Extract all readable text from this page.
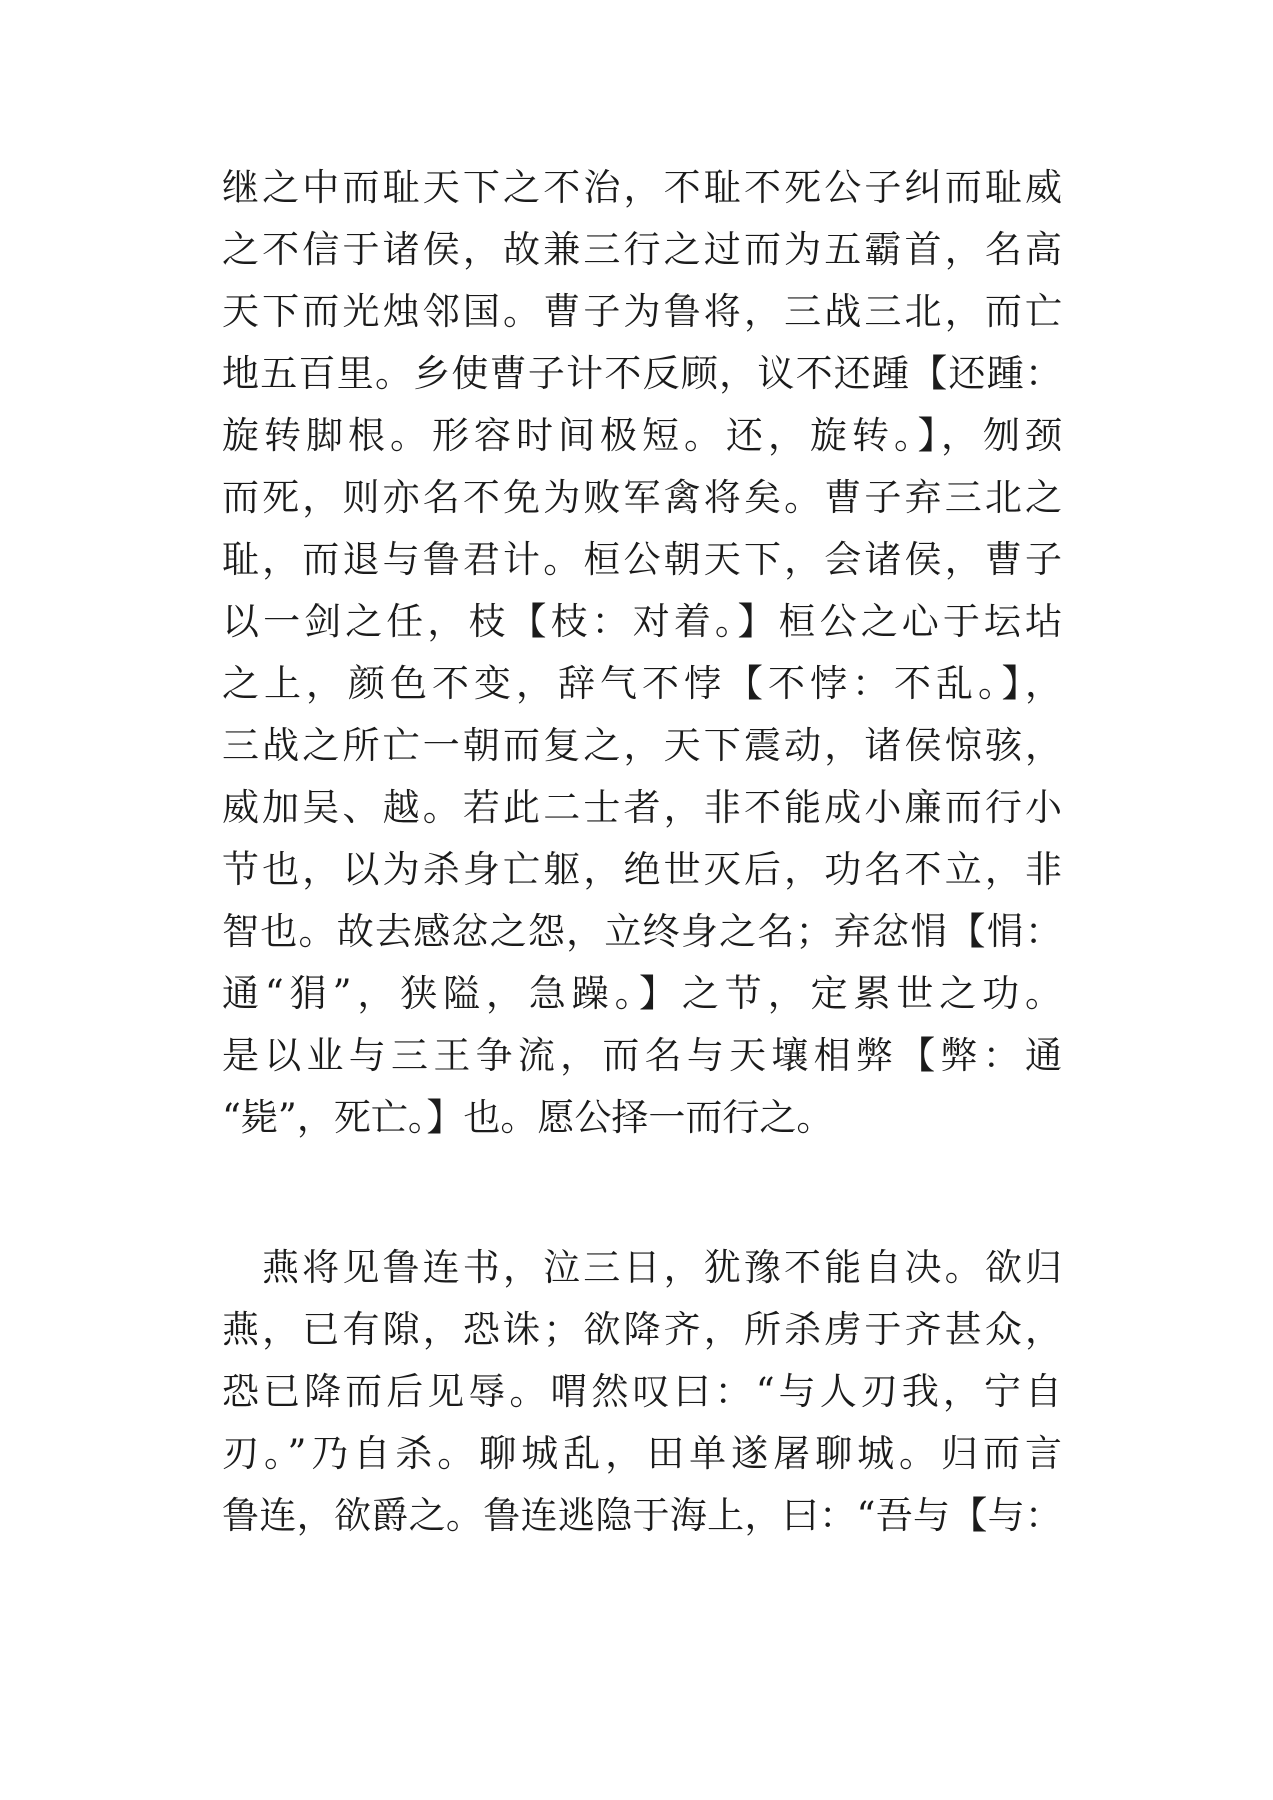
继之中而耻天下之不治，不耻不死公子纠而耻威
之不信于诸侯，故兼三行之过而为五霸首，名高
天下而光烛邻国。曹子为鲁将，三战三北，而亡
地五百里。乡使曹子计不反顾，议不还踵【还踵：
旋转脚根。形容时间极短。还，旋转。】，刎颈
而死，则亦名不免为败军禽将矣。曹子弃三北之
耻，而退与鲁君计。桓公朝天下，会诸侯，曹子
以一剑之任，枝【枝：对着。】桓公之心于坛坫
之上，颜色不变，辞气不悖【不悖：不乱。】，
三战之所亡一朝而复之，天下震动，诸侯惊骇，
威加吴、越。若此二士者，非不能成小廉而行小
节也，以为杀身亡躯，绝世灭后，功名不立，非
智也。故去感忿之怨，立终身之名；弃忿悁【悁：
通“狷”，狭隘，急躁。】之节，定累世之功。
是以业与三王争流，而名与天壤相弊【弊：通
“毙”，死亡。】也。愿公择一而行之。
燕将见鲁连书，泣三日，犹豫不能自决。欲归
燕，已有隙，恐诛；欲降齐，所杀虏于齐甚众，
恐已降而后见辱。喟然叹曰：“与人刃我，宁自
刃。”乃自杀。聊城乱，田单遂屠聊城。归而言
鲁连，欲爵之。鲁连逃隐于海上，曰：“吾与【与：
